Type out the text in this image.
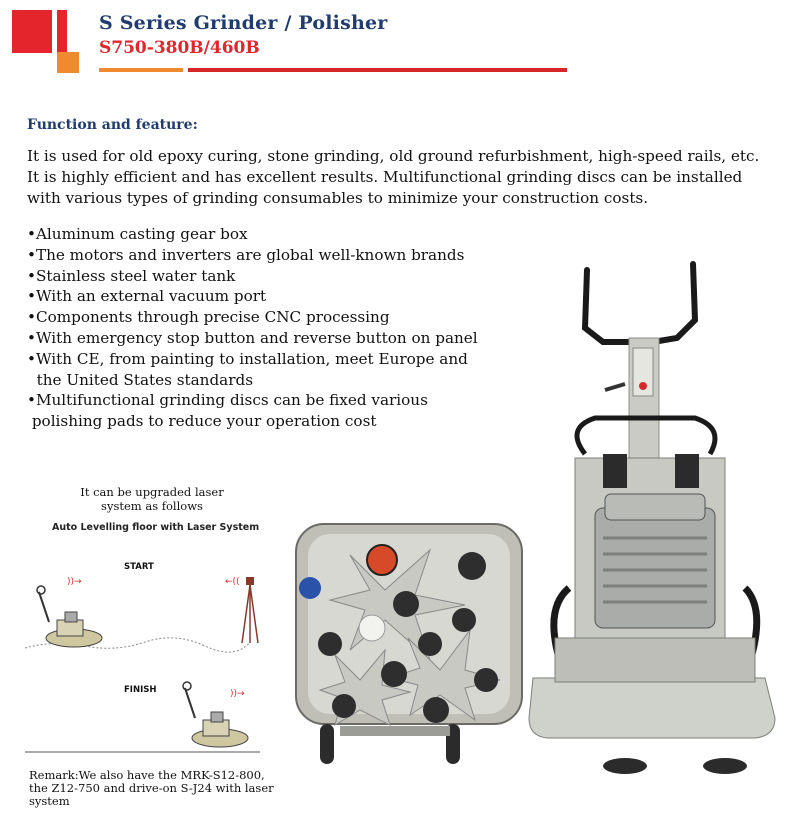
S Series Grinder / Polisher
S750-380B/460B
Function and feature:

It is used for old epoxy curing, stone grinding, old ground refurbishment, high-speed rails, etc.

It is highly efficient and has excellent results. Multifunctional grinding discs can be installed

with various types of grinding consumables to minimize your construction costs.

•Aluminum casting gear box
•The motors and inverters are global well-known brands
•Stainless steel water tank
•With an external vacuum port
•Components through precise CNC processing
•With emergency stop button and reverse button on panel
•With CE, from painting to installation, meet Europe and
the United States standards
•Multifunctional grinding discs can be fixed various
polishing pads to reduce your operation cost
It can be upgraded laser
system as follows
Auto Levelling floor with Laser System
START
FINISH
))→	←((
))→
Remark:We also have the MRK-S12-800,
the Z12-750 and drive-on S-J24 with laser
system
